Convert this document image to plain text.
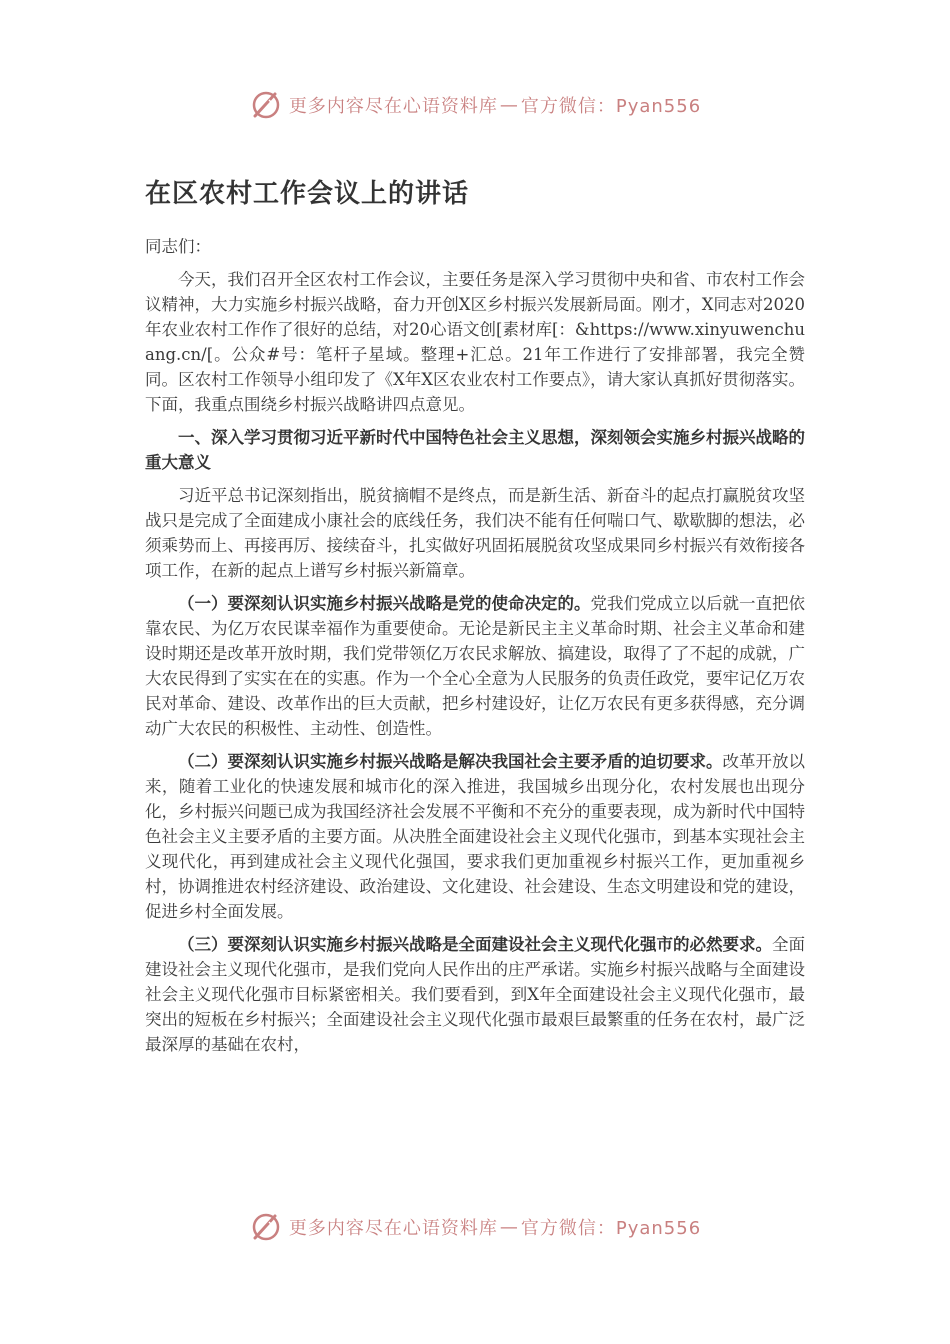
更多内容尽在心语资料库 — 官方微信：Pyan556
在区农村工作会议上的讲话
同志们：

今天，我们召开全区农村工作会议，主要任务是深入学习贯彻中央和省、市农村工作会议精神，大力实施乡村振兴战略，奋力开创X区乡村振兴发展新局面。刚才，X同志对2020年农业农村工作作了很好的总结，对20心语文创[素材库[：&https://www.xinyuwenchuang.cn/[。公众#号：笔杆子星域。整理+汇总。21年工作进行了安排部署，我完全赞同。区农村工作领导小组印发了《X年X区农业农村工作要点》，请大家认真抓好贯彻落实。下面，我重点围绕乡村振兴战略讲四点意见。

一、深入学习贯彻习近平新时代中国特色社会主义思想，深刻领会实施乡村振兴战略的重大意义

习近平总书记深刻指出，脱贫摘帽不是终点，而是新生活、新奋斗的起点打赢脱贫攻坚战只是完成了全面建成小康社会的底线任务，我们决不能有任何喘口气、歇歇脚的想法，必须乘势而上、再接再厉、接续奋斗，扎实做好巩固拓展脱贫攻坚成果同乡村振兴有效衔接各项工作，在新的起点上谱写乡村振兴新篇章。

（一）要深刻认识实施乡村振兴战略是党的使命决定的。党我们党成立以后就一直把依靠农民、为亿万农民谋幸福作为重要使命。无论是新民主主义革命时期、社会主义革命和建设时期还是改革开放时期，我们党带领亿万农民求解放、搞建设，取得了了不起的成就，广大农民得到了实实在在的实惠。作为一个全心全意为人民服务的负责任政党，要牢记亿万农民对革命、建设、改革作出的巨大贡献，把乡村建设好，让亿万农民有更多获得感，充分调动广大农民的积极性、主动性、创造性。

（二）要深刻认识实施乡村振兴战略是解决我国社会主要矛盾的迫切要求。改革开放以来，随着工业化的快速发展和城市化的深入推进，我国城乡出现分化，农村发展也出现分化，乡村振兴问题已成为我国经济社会发展不平衡和不充分的重要表现，成为新时代中国特色社会主义主要矛盾的主要方面。从决胜全面建设社会主义现代化强市，到基本实现社会主义现代化，再到建成社会主义现代化强国，要求我们更加重视乡村振兴工作，更加重视乡村，协调推进农村经济建设、政治建设、文化建设、社会建设、生态文明建设和党的建设，促进乡村全面发展。

（三）要深刻认识实施乡村振兴战略是全面建设社会主义现代化强市的必然要求。全面建设社会主义现代化强市，是我们党向人民作出的庄严承诺。实施乡村振兴战略与全面建设社会主义现代化强市目标紧密相关。我们要看到，到X年全面建设社会主义现代化强市，最突出的短板在乡村振兴；全面建设社会主义现代化强市最艰巨最繁重的任务在农村，最广泛最深厚的基础在农村，

更多内容尽在心语资料库 — 官方微信：Pyan556
